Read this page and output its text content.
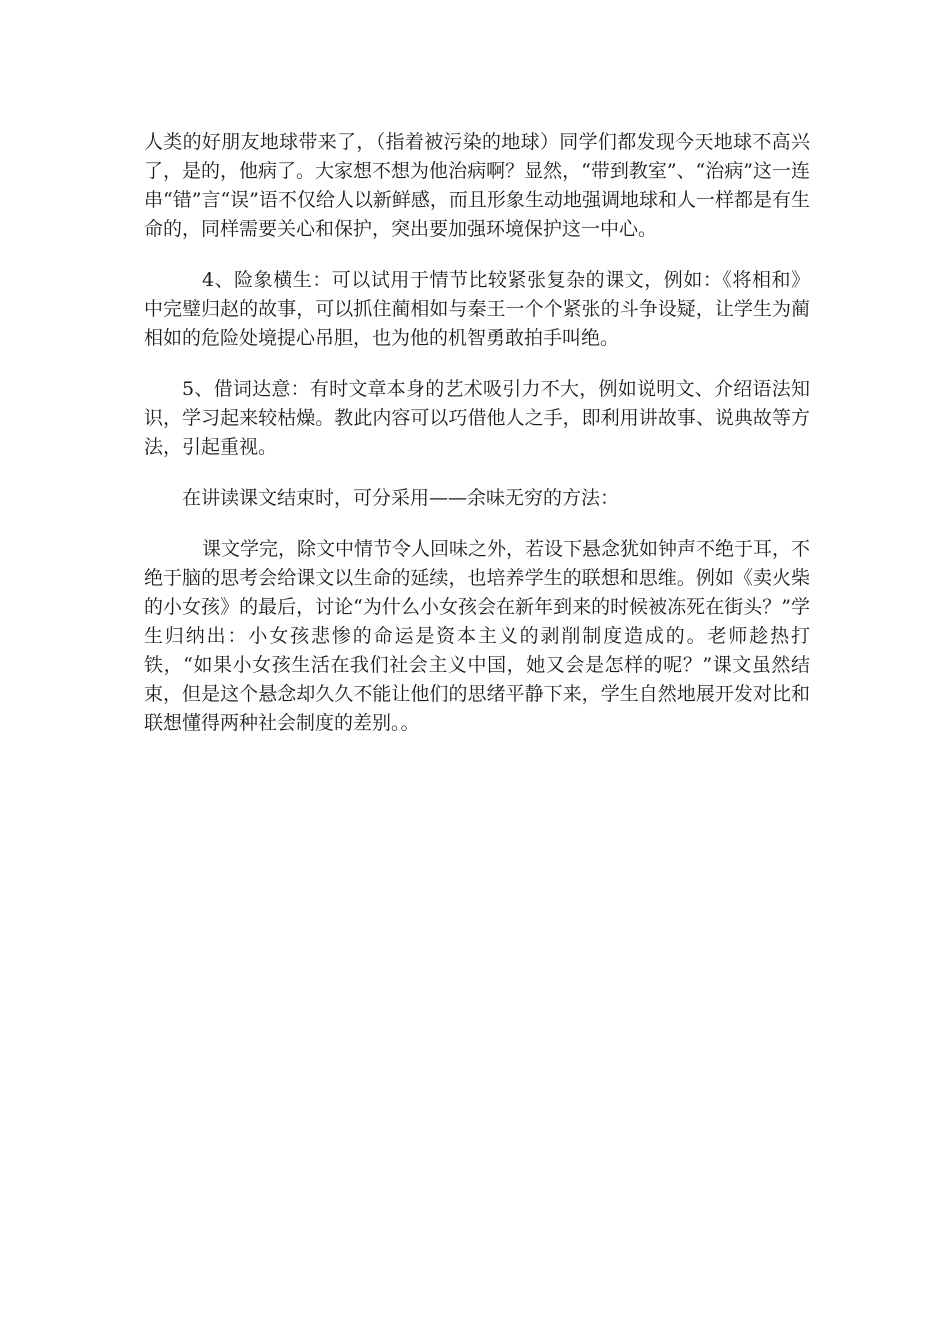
人类的好朋友地球带来了，（指着被污染的地球）同学们都发现今天地球不高兴了，是的，他病了。大家想不想为他治病啊？显然，“带到教室”、“治病”这一连串“错”言“误”语不仅给人以新鲜感，而且形象生动地强调地球和人一样都是有生命的，同样需要关心和保护，突出要加强环境保护这一中心。

4、险象横生：可以试用于情节比较紧张复杂的课文，例如：《将相和》中完璧归赵的故事，可以抓住蔺相如与秦王一个个紧张的斗争设疑，让学生为蔺相如的危险处境提心吊胆，也为他的机智勇敢拍手叫绝。

5、借词达意：有时文章本身的艺术吸引力不大，例如说明文、介绍语法知识，学习起来较枯燥。教此内容可以巧借他人之手，即利用讲故事、说典故等方法，引起重视。

在讲读课文结束时，可分采用——余味无穷的方法：

课文学完，除文中情节令人回味之外，若设下悬念犹如钟声不绝于耳，不绝于脑的思考会给课文以生命的延续，也培养学生的联想和思维。例如《卖火柴的小女孩》的最后，讨论“为什么小女孩会在新年到来的时候被冻死在街头？”学生归纳出：小女孩悲惨的命运是资本主义的剥削制度造成的。老师趁热打铁，“如果小女孩生活在我们社会主义中国，她又会是怎样的呢？”课文虽然结束，但是这个悬念却久久不能让他们的思绪平静下来，学生自然地展开发对比和联想懂得两种社会制度的差别。。
